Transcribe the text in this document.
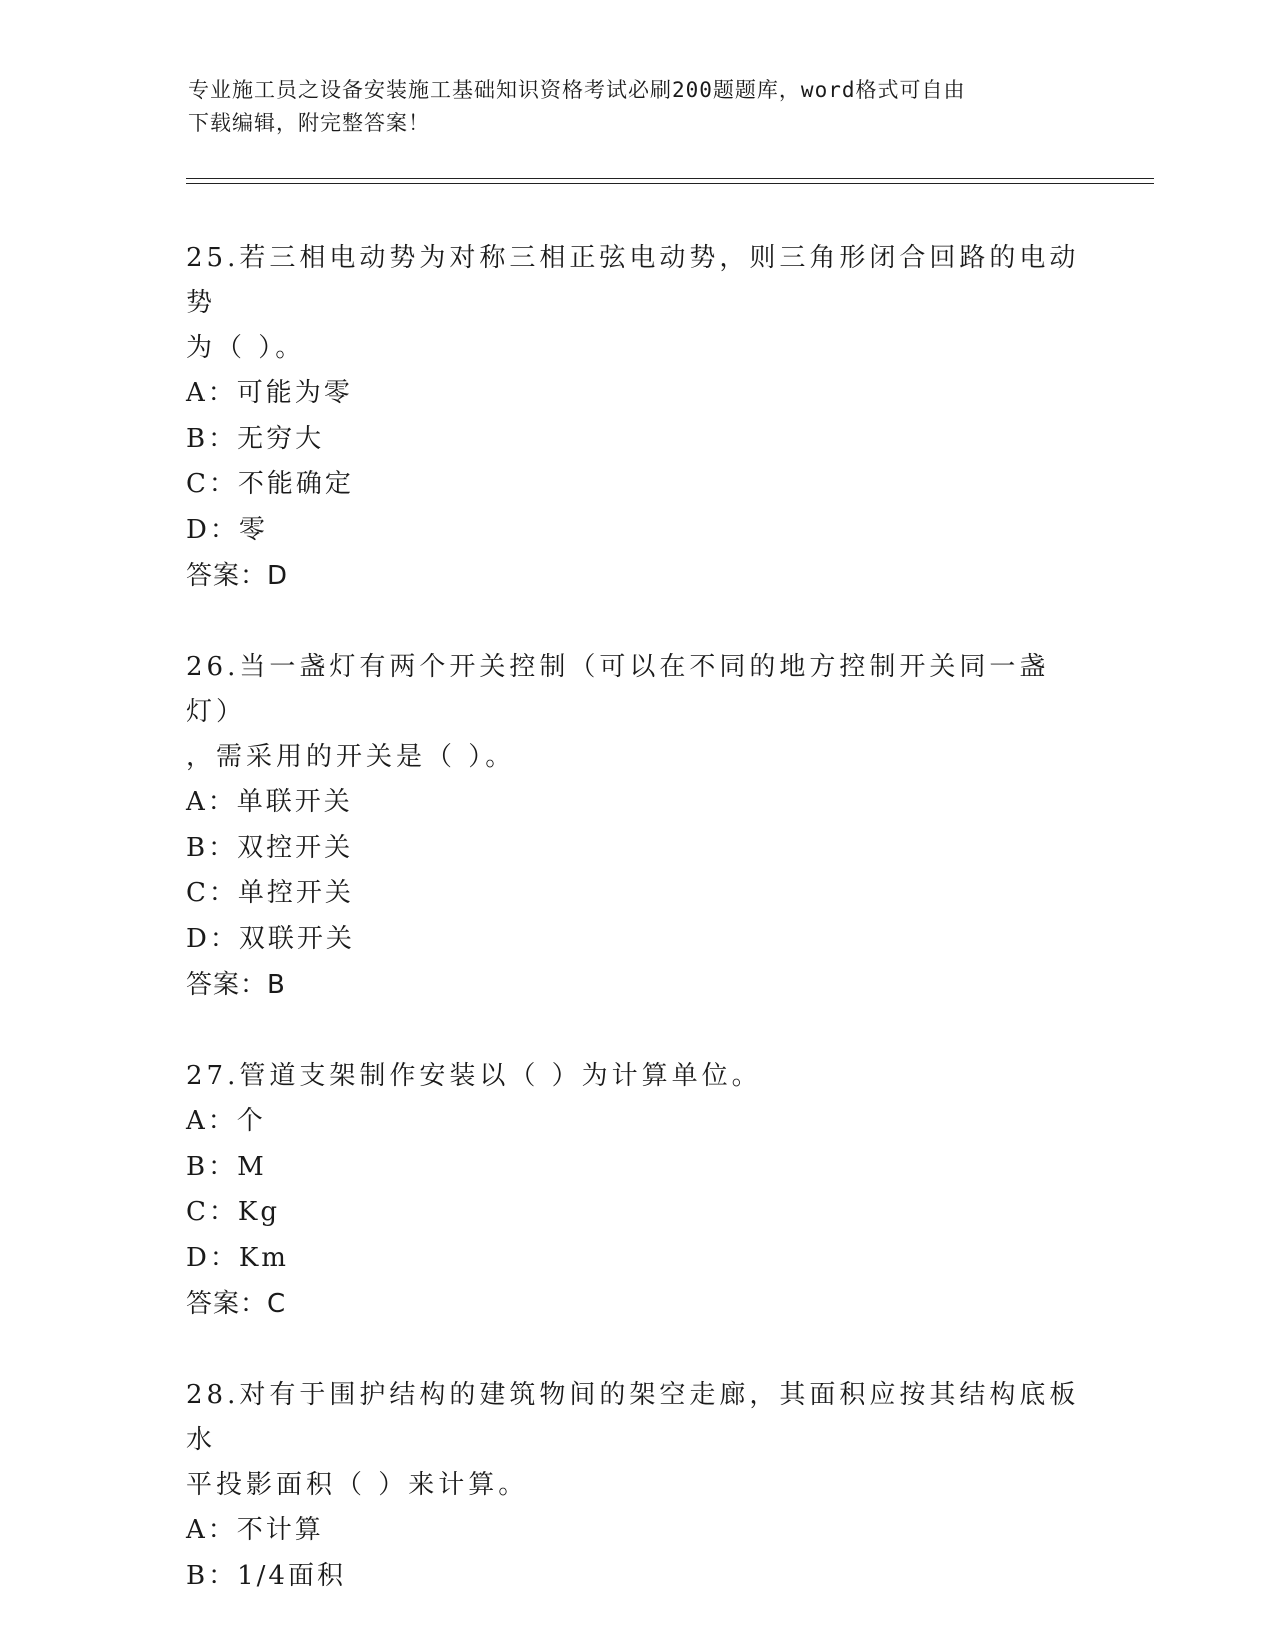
专业施工员之设备安装施工基础知识资格考试必刷200题题库，word格式可自由
下载编辑，附完整答案！

25.若三相电动势为对称三相正弦电动势，则三角形闭合回路的电动势

为（ ）。

A：可能为零

B：无穷大

C：不能确定

D：零

答案：D

26.当一盏灯有两个开关控制（可以在不同的地方控制开关同一盏灯）

，需采用的开关是（ ）。

A：单联开关

B：双控开关

C：单控开关

D：双联开关

答案：B

27.管道支架制作安装以（ ）为计算单位。

A：个

B：M

C：Kg

D：Km

答案：C

28.对有于围护结构的建筑物间的架空走廊，其面积应按其结构底板水

平投影面积（ ）来计算。

A：不计算

B：1/4面积
